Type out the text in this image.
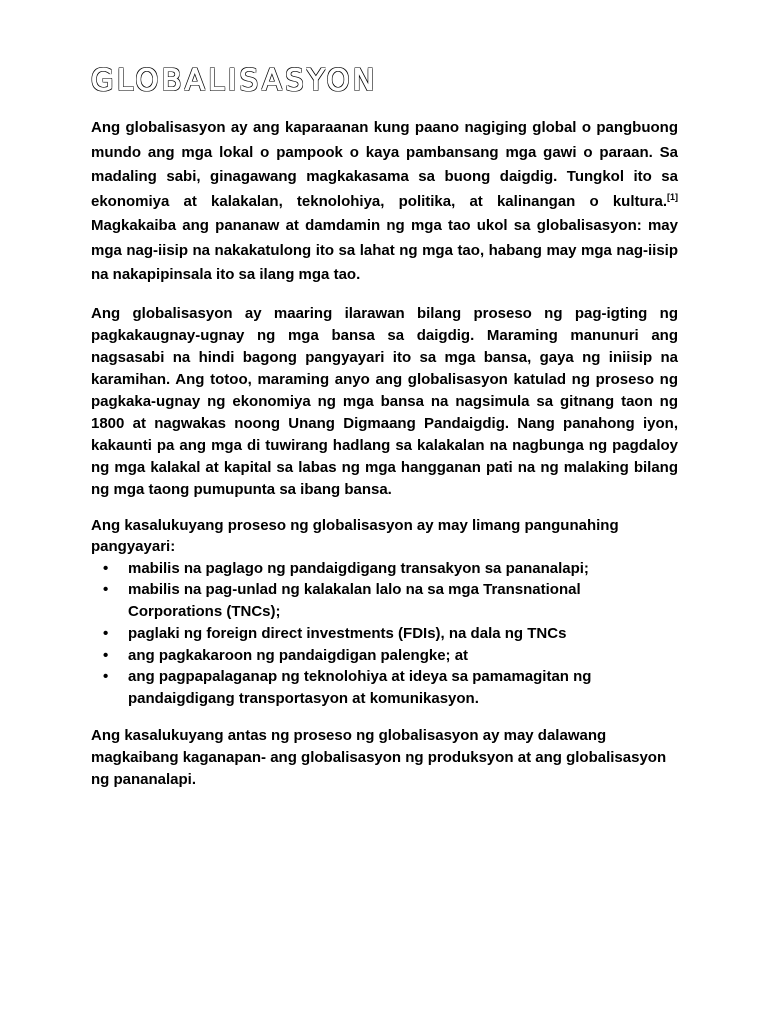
GLOBALISASYON

Ang globalisasyon ay ang kaparaanan kung paano nagiging global o pangbuong mundo ang mga lokal o pampook o kaya pambansang mga gawi o paraan. Sa madaling sabi, ginagawang magkakasama sa buong daigdig. Tungkol ito sa ekonomiya at kalakalan, teknolohiya, politika, at kalinangan o kultura.[1] Magkakaiba ang pananaw at damdamin ng mga tao ukol sa globalisasyon: may mga nag-iisip na nakakatulong ito sa lahat ng mga tao, habang may mga nag-iisip na nakapipinsala ito sa ilang mga tao.

Ang globalisasyon ay maaring ilarawan bilang proseso ng pag-igting ng pagkakaugnay-ugnay ng mga bansa sa daigdig. Maraming manunuri ang nagsasabi na hindi bagong pangyayari ito sa mga bansa, gaya ng iniisip na karamihan. Ang totoo, maraming anyo ang globalisasyon katulad ng proseso ng pagkaka-ugnay ng ekonomiya ng mga bansa na nagsimula sa gitnang taon ng 1800 at nagwakas noong Unang Digmaang Pandaigdig. Nang panahong iyon, kakaunti pa ang mga di tuwirang hadlang sa kalakalan na nagbunga ng pagdaloy ng mga kalakal at kapital sa labas ng mga hangganan pati na ng malaking bilang ng mga taong pumupunta sa ibang bansa.

Ang kasalukuyang proseso ng globalisasyon ay may limang pangunahing pangyayari:

• mabilis na paglago ng pandaigdigang transakyon sa pananalapi;
• mabilis na pag-unlad ng kalakalan lalo na sa mga Transnational Corporations (TNCs);
• paglaki ng foreign direct investments (FDIs), na dala ng TNCs
• ang pagkakaroon ng pandaigdigan palengke; at
• ang pagpapalaganap ng teknolohiya at ideya sa pamamagitan ng pandaigdigang transportasyon at komunikasyon.

Ang kasalukuyang antas ng proseso ng globalisasyon ay may dalawang magkaibang kaganapan- ang globalisasyon ng produksyon at ang globalisasyon ng pananalapi.
